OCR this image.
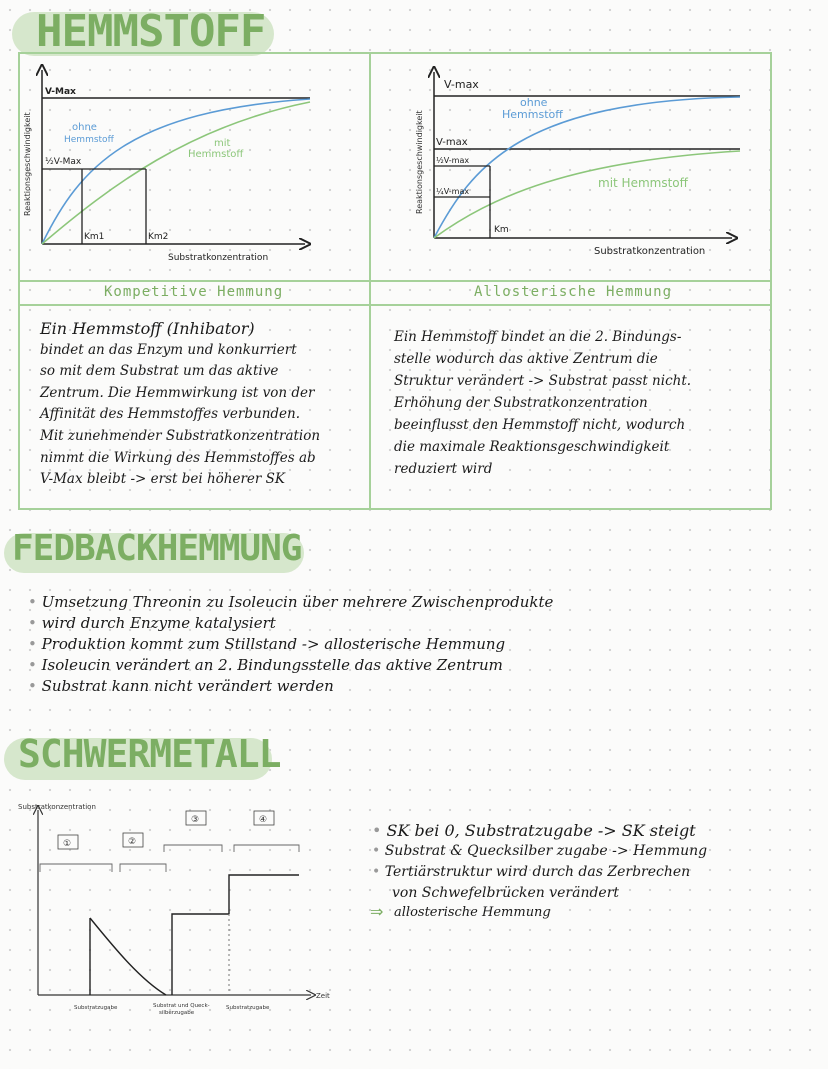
HEMMSTOFF
Reaktionsgeschwindigkeit
V-Max
½V-Max
ohne
Hemmstoff	mit
Hemmstoff
Km1	Km2
Substratkonzentration
Reaktionsgeschwindigkeit
V-max
V-max
½V-max
¼V-max
ohne
Hemmstoff
mit Hemmstoff
Km
Substratkonzentration
Kompetitive Hemmung	Allosterische Hemmung
Ein Hemmstoff (Inhibator)
bindet an das Enzym und konkurriert
so mit dem Substrat um das aktive
Zentrum. Die Hemmwirkung ist von der
Affinität des Hemmstoffes verbunden.
Mit zunehmender Substratkonzentration
nimmt die Wirkung des Hemmstoffes ab
V-Max bleibt -> erst bei höherer SK
Ein Hemmstoff bindet an die 2. Bindungs-
stelle wodurch das aktive Zentrum die
Struktur verändert -> Substrat passt nicht.
Erhöhung der Substratkonzentration
beeinflusst den Hemmstoff nicht, wodurch
die maximale Reaktionsgeschwindigkeit
reduziert wird
FEDBACKHEMMUNG
• Umsetzung Threonin zu Isoleucin über mehrere Zwischenprodukte
• wird durch Enzyme katalysiert
• Produktion kommt zum Stillstand -> allosterische Hemmung
• Isoleucin verändert an 2. Bindungsstelle das aktive Zentrum
• Substrat kann nicht verändert werden
SCHWERMETALL
Substratkonzentration
Zeit
①	②
③	④
Substratzugabe	Substrat und Queck-
silberzugabe
Substratzugabe
• SK bei 0, Substratzugabe -> SK steigt
• Substrat & Quecksilber zugabe -> Hemmung
• Tertiärstruktur wird durch das Zerbrechen
von Schwefelbrücken verändert
⇒ allosterische Hemmung
